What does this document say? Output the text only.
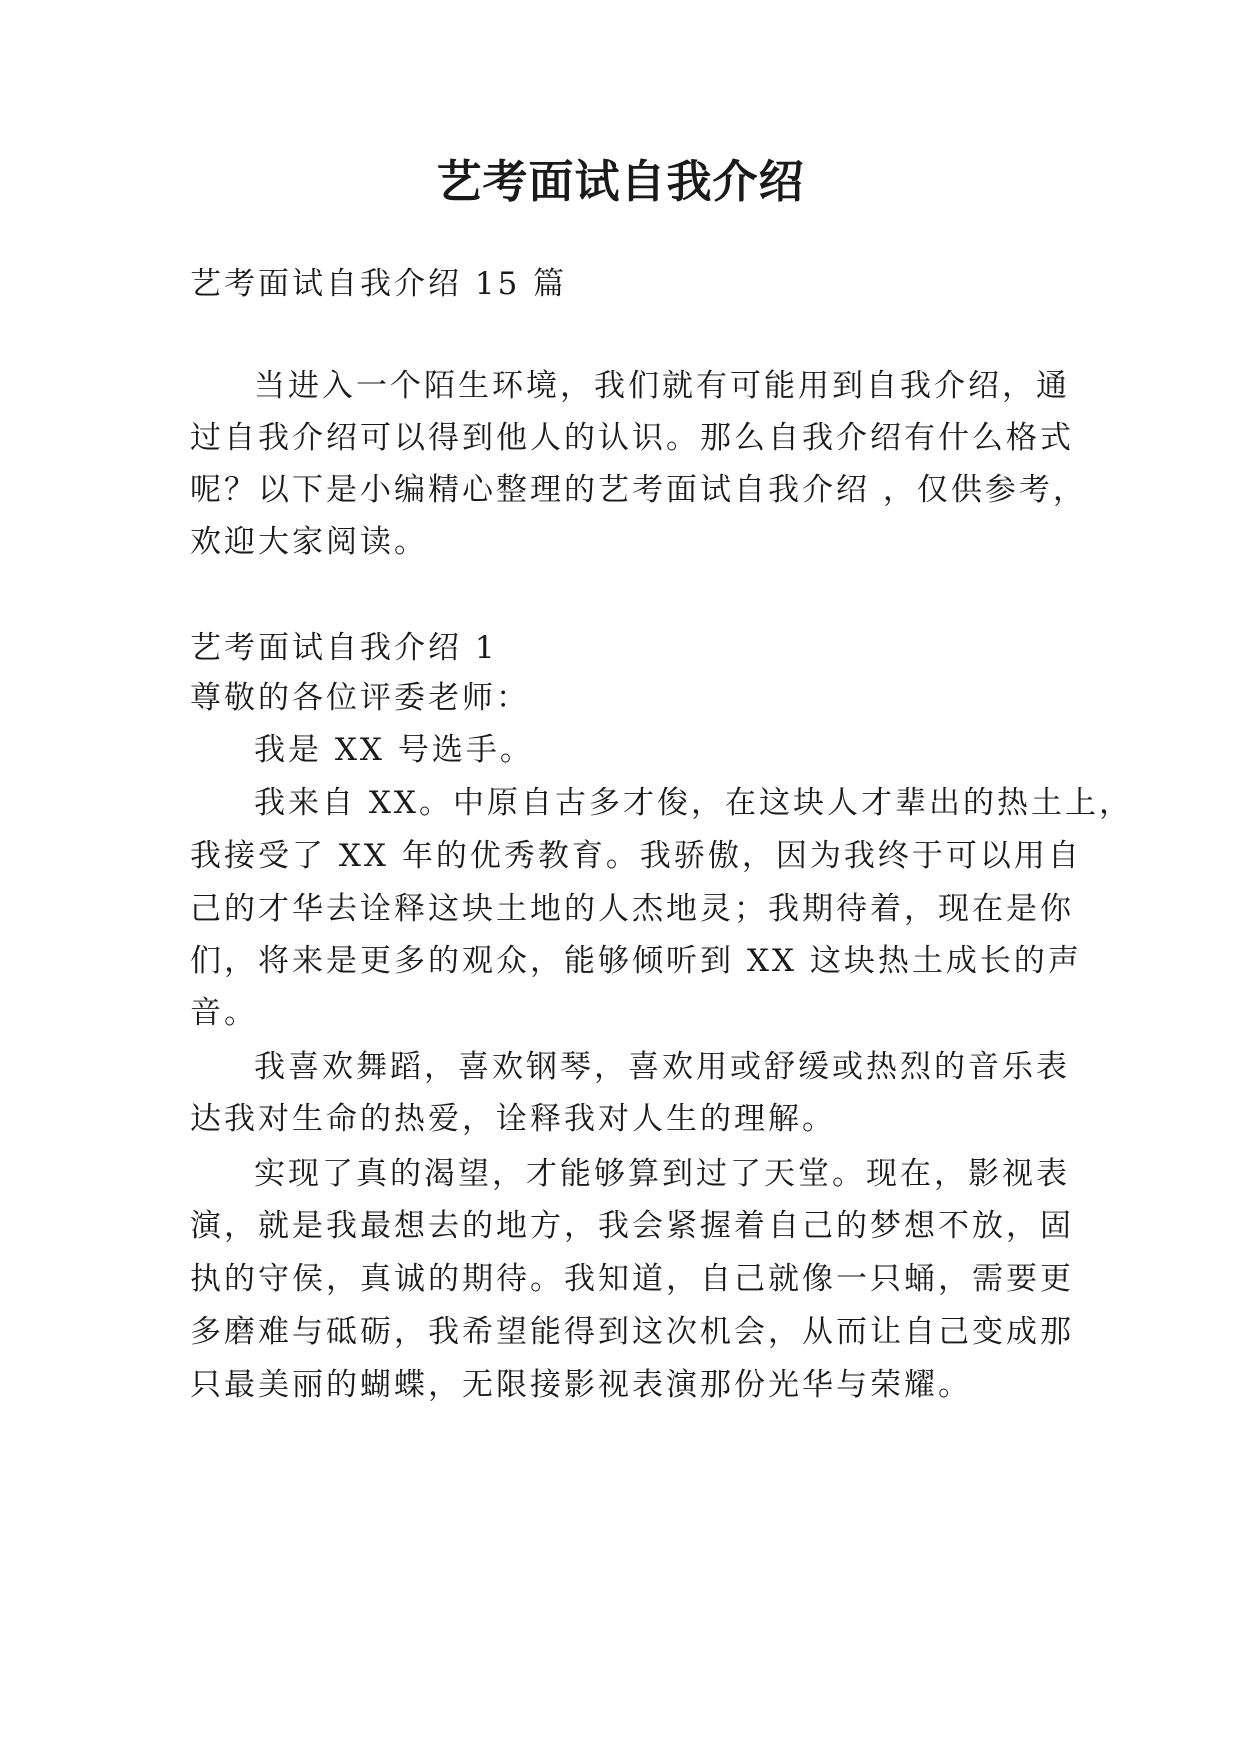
艺考面试自我介绍

艺考面试自我介绍 15 篇

当进入一个陌生环境，我们就有可能用到自我介绍，通

过自我介绍可以得到他人的认识。那么自我介绍有什么格式

呢？以下是小编精心整理的艺考面试自我介绍 ，仅供参考，

欢迎大家阅读。

艺考面试自我介绍 1

尊敬的各位评委老师：

我是 XX 号选手。

我来自 XX。中原自古多才俊，在这块人才辈出的热土上，

我接受了 XX 年的优秀教育。我骄傲，因为我终于可以用自

己的才华去诠释这块土地的人杰地灵；我期待着，现在是你

们，将来是更多的观众，能够倾听到 XX 这块热土成长的声

音。

我喜欢舞蹈，喜欢钢琴，喜欢用或舒缓或热烈的音乐表

达我对生命的热爱，诠释我对人生的理解。

实现了真的渴望，才能够算到过了天堂。现在，影视表

演，就是我最想去的地方，我会紧握着自己的梦想不放，固

执的守侯，真诚的期待。我知道，自己就像一只蛹，需要更

多磨难与砥砺，我希望能得到这次机会，从而让自己变成那

只最美丽的蝴蝶，无限接影视表演那份光华与荣耀。
